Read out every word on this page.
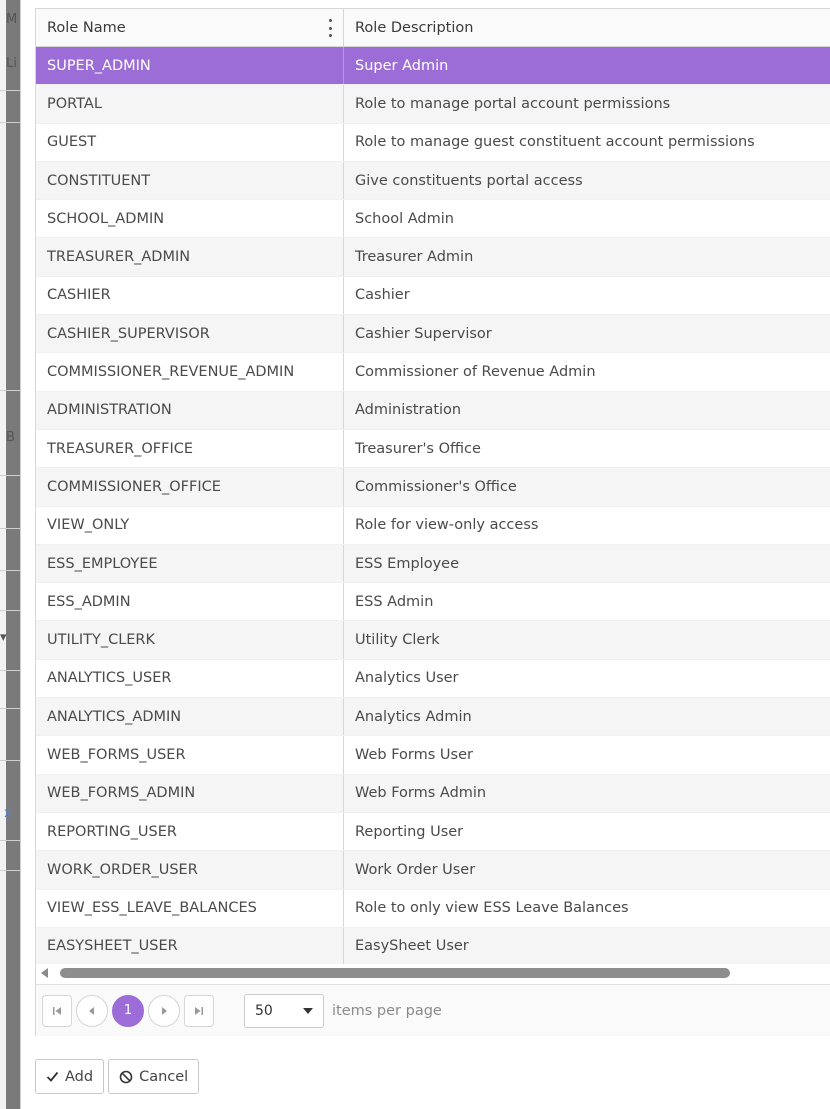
M
Li
B
▾
x
Role Name	Role Description
SUPER_ADMIN	Super Admin
PORTAL	Role to manage portal account permissions
GUEST	Role to manage guest constituent account permissions
CONSTITUENT	Give constituents portal access
SCHOOL_ADMIN	School Admin
TREASURER_ADMIN	Treasurer Admin
CASHIER	Cashier
CASHIER_SUPERVISOR	Cashier Supervisor
COMMISSIONER_REVENUE_ADMIN	Commissioner of Revenue Admin
ADMINISTRATION	Administration
TREASURER_OFFICE	Treasurer's Office
COMMISSIONER_OFFICE	Commissioner's Office
VIEW_ONLY	Role for view-only access
ESS_EMPLOYEE	ESS Employee
ESS_ADMIN	ESS Admin
UTILITY_CLERK	Utility Clerk
ANALYTICS_USER	Analytics User
ANALYTICS_ADMIN	Analytics Admin
WEB_FORMS_USER	Web Forms User
WEB_FORMS_ADMIN	Web Forms Admin
REPORTING_USER	Reporting User
WORK_ORDER_USER	Work Order User
VIEW_ESS_LEAVE_BALANCES	Role to only view ESS Leave Balances
EASYSHEET_USER	EasySheet User
1	50	items per page
Add	Cancel
